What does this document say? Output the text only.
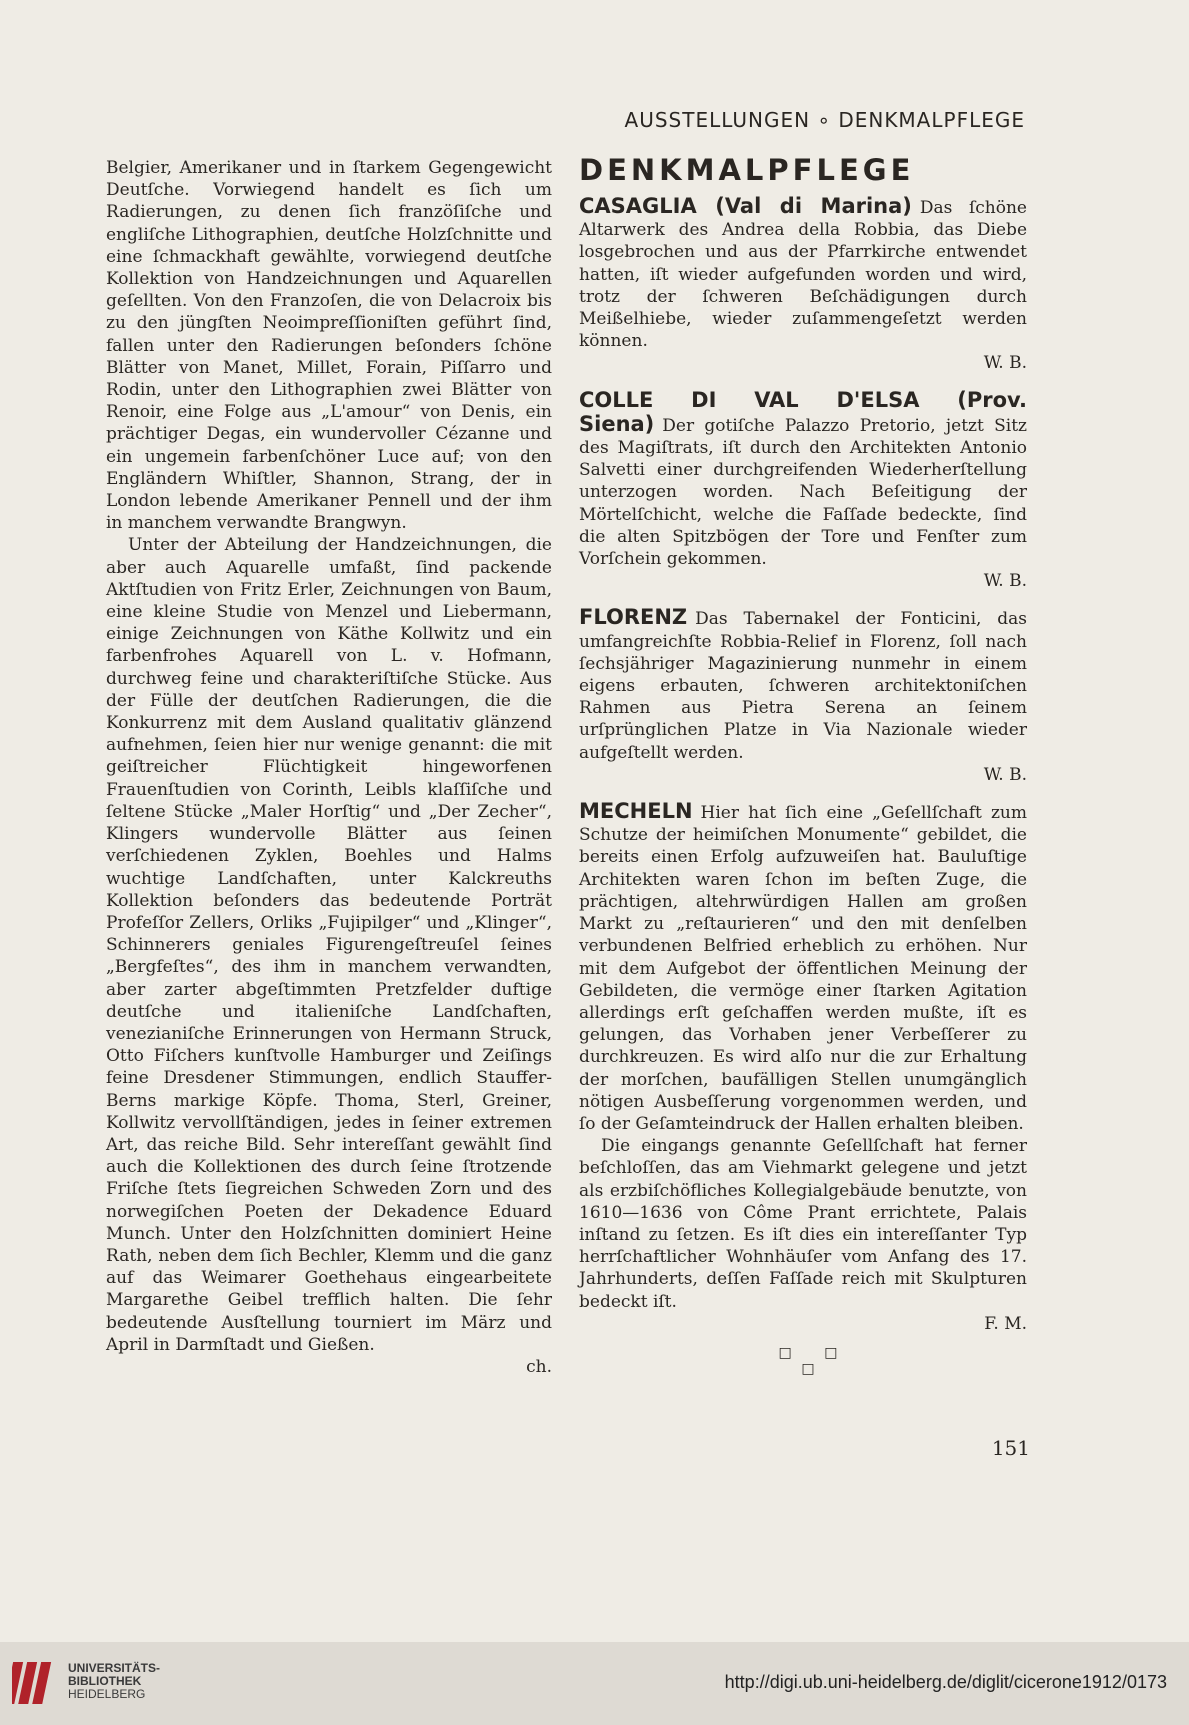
AUSSTELLUNGEN ∘ DENKMALPFLEGE

Belgier, Amerikaner und in ſtarkem Gegengewicht Deutſche. Vorwiegend handelt es ſich um Radierungen, zu denen ſich franzöſiſche und engliſche Lithographien, deutſche Holzſchnitte und eine ſchmackhaft gewählte, vorwiegend deutſche Kollektion von Handzeichnungen und Aquarellen geſellten. Von den Franzoſen, die von Delacroix bis zu den jüngſten Neoimpreſſioniſten geführt ſind, fallen unter den Radierungen beſonders ſchöne Blätter von Manet, Millet, Forain, Piſſarro und Rodin, unter den Lithographien zwei Blätter von Renoir, eine Folge aus „L'amour“ von Denis, ein prächtiger Degas, ein wundervoller Cézanne und ein ungemein farbenſchöner Luce auf; von den Engländern Whiſtler, Shannon, Strang, der in London lebende Amerikaner Pennell und der ihm in manchem verwandte Brangwyn.

Unter der Abteilung der Handzeichnungen, die aber auch Aquarelle umfaßt, ſind packende Aktſtudien von Fritz Erler, Zeichnungen von Baum, eine kleine Studie von Menzel und Liebermann, einige Zeichnungen von Käthe Kollwitz und ein farbenfrohes Aquarell von L. v. Hofmann, durchweg feine und charakteriſtiſche Stücke. Aus der Fülle der deutſchen Radierungen, die die Konkurrenz mit dem Ausland qualitativ glänzend aufnehmen, ſeien hier nur wenige genannt: die mit geiſtreicher Flüchtigkeit hingeworfenen Frauenſtudien von Corinth, Leibls klaſſiſche und ſeltene Stücke „Maler Horſtig“ und „Der Zecher“, Klingers wundervolle Blätter aus ſeinen verſchiedenen Zyklen, Boehles und Halms wuchtige Landſchaften, unter Kalckreuths Kollektion beſonders das bedeutende Porträt Profeſſor Zellers, Orliks „Fujipilger“ und „Klinger“, Schinnerers geniales Figurengeſtreuſel ſeines „Bergfeſtes“, des ihm in manchem verwandten, aber zarter abgeſtimmten Pretzfelder duftige deutſche und italieniſche Landſchaften, venezianiſche Erinnerungen von Hermann Struck, Otto Fiſchers kunſtvolle Hamburger und Zeiſings feine Dresdener Stimmungen, endlich Stauffer-Berns markige Köpfe. Thoma, Sterl, Greiner, Kollwitz vervollſtändigen, jedes in ſeiner extremen Art, das reiche Bild. Sehr intereſſant gewählt ſind auch die Kollektionen des durch ſeine ſtrotzende Friſche ſtets ſiegreichen Schweden Zorn und des norwegiſchen Poeten der Dekadence Eduard Munch. Unter den Holzſchnitten dominiert Heine Rath, neben dem ſich Bechler, Klemm und die ganz auf das Weimarer Goethehaus eingearbeitete Margarethe Geibel trefflich halten. Die ſehr bedeutende Ausſtellung tourniert im März und April in Darmſtadt und Gießen.

ch.
DENKMALPFLEGE

CASAGLIA (Val di Marina) Das ſchöne Altarwerk des Andrea della Robbia, das Diebe losgebrochen und aus der Pfarrkirche entwendet hatten, iſt wieder aufgefunden worden und wird, trotz der ſchweren Beſchädigungen durch Meißelhiebe, wieder zuſammengeſetzt werden können.

W. B.

COLLE DI VAL D'ELSA (Prov. Siena) Der gotiſche Palazzo Pretorio, jetzt Sitz des Magiſtrats, iſt durch den Architekten Antonio Salvetti einer durchgreifenden Wiederherſtellung unterzogen worden. Nach Beſeitigung der Mörtelſchicht, welche die Faſſade bedeckte, ſind die alten Spitzbögen der Tore und Fenſter zum Vorſchein gekommen.

W. B.

FLORENZ Das Tabernakel der Fonticini, das umfangreichſte Robbia-Relief in Florenz, ſoll nach ſechsjähriger Magazinierung nunmehr in einem eigens erbauten, ſchweren architektoniſchen Rahmen aus Pietra Serena an ſeinem urſprünglichen Platze in Via Nazionale wieder aufgeſtellt werden.

W. B.

MECHELN Hier hat ſich eine „Geſellſchaft zum Schutze der heimiſchen Monumente“ gebildet, die bereits einen Erfolg aufzuweiſen hat. Bauluſtige Architekten waren ſchon im beſten Zuge, die prächtigen, altehrwürdigen Hallen am großen Markt zu „reſtaurieren“ und den mit denſelben verbundenen Belfried erheblich zu erhöhen. Nur mit dem Aufgebot der öffentlichen Meinung der Gebildeten, die vermöge einer ſtarken Agitation allerdings erſt geſchaffen werden mußte, iſt es gelungen, das Vorhaben jener Verbeſſerer zu durchkreuzen. Es wird alſo nur die zur Erhaltung der morſchen, baufälligen Stellen unumgänglich nötigen Ausbeſſerung vorgenommen werden, und ſo der Geſamteindruck der Hallen erhalten bleiben.

Die eingangs genannte Geſellſchaft hat ferner beſchloſſen, das am Viehmarkt gelegene und jetzt als erzbiſchöfliches Kollegialgebäude benutzte, von 1610—1636 von Côme Prant errichtete, Palais inſtand zu ſetzen. Es iſt dies ein intereſſanter Typ herrſchaftlicher Wohnhäuſer vom Anfang des 17. Jahrhunderts, deſſen Faſſade reich mit Skulpturen bedeckt iſt.

F. M.
□ □ □
151
UNIVERSITÄTS-
BIBLIOTHEK
HEIDELBERG
http://digi.ub.uni-heidelberg.de/diglit/cicerone1912/0173
